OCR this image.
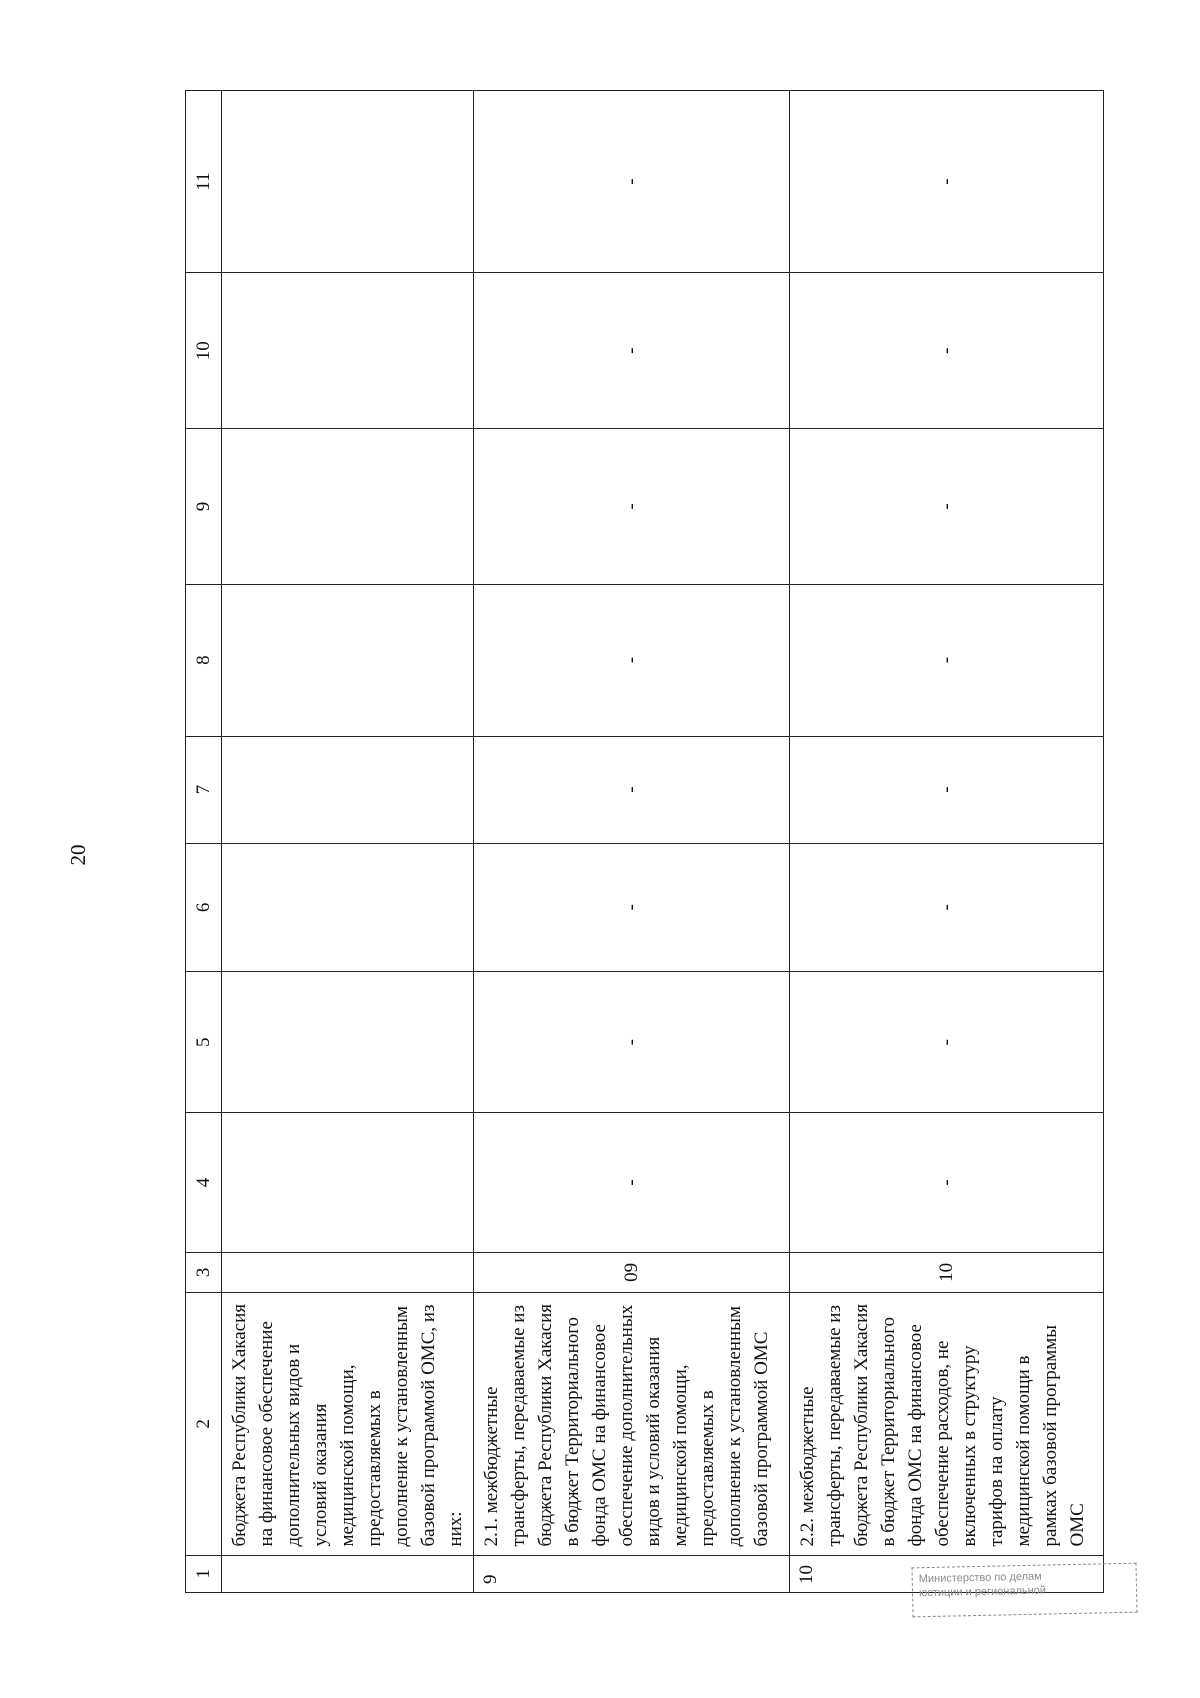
20
1	2	3	4	5	6	7	8	9	10	11
	бюджета Республики Хакасия на финансовое обеспечение дополнительных видов и условий оказания медицинской помощи, предоставляемых в дополнение к установленным базовой программой ОМС, из них:									
9	2.1. межбюджетные трансферты, передаваемые из бюджета Республики Хакасия в бюджет Территориального фонда ОМС на финансовое обеспечение дополнительных видов и условий оказания медицинской помощи, предоставляемых в дополнение к установленным базовой программой ОМС	09	-	-	-	-	-	-	-	-
10	2.2. межбюджетные трансферты, передаваемые из бюджета Республики Хакасия в бюджет Территориального фонда ОМС на финансовое обеспечение расходов, не включенных в структуру тарифов на оплату медицинской помощи в рамках базовой программы ОМС	10	-	-	-	-	-	-	-	-
Министерство по делам
юстиции и региональной
